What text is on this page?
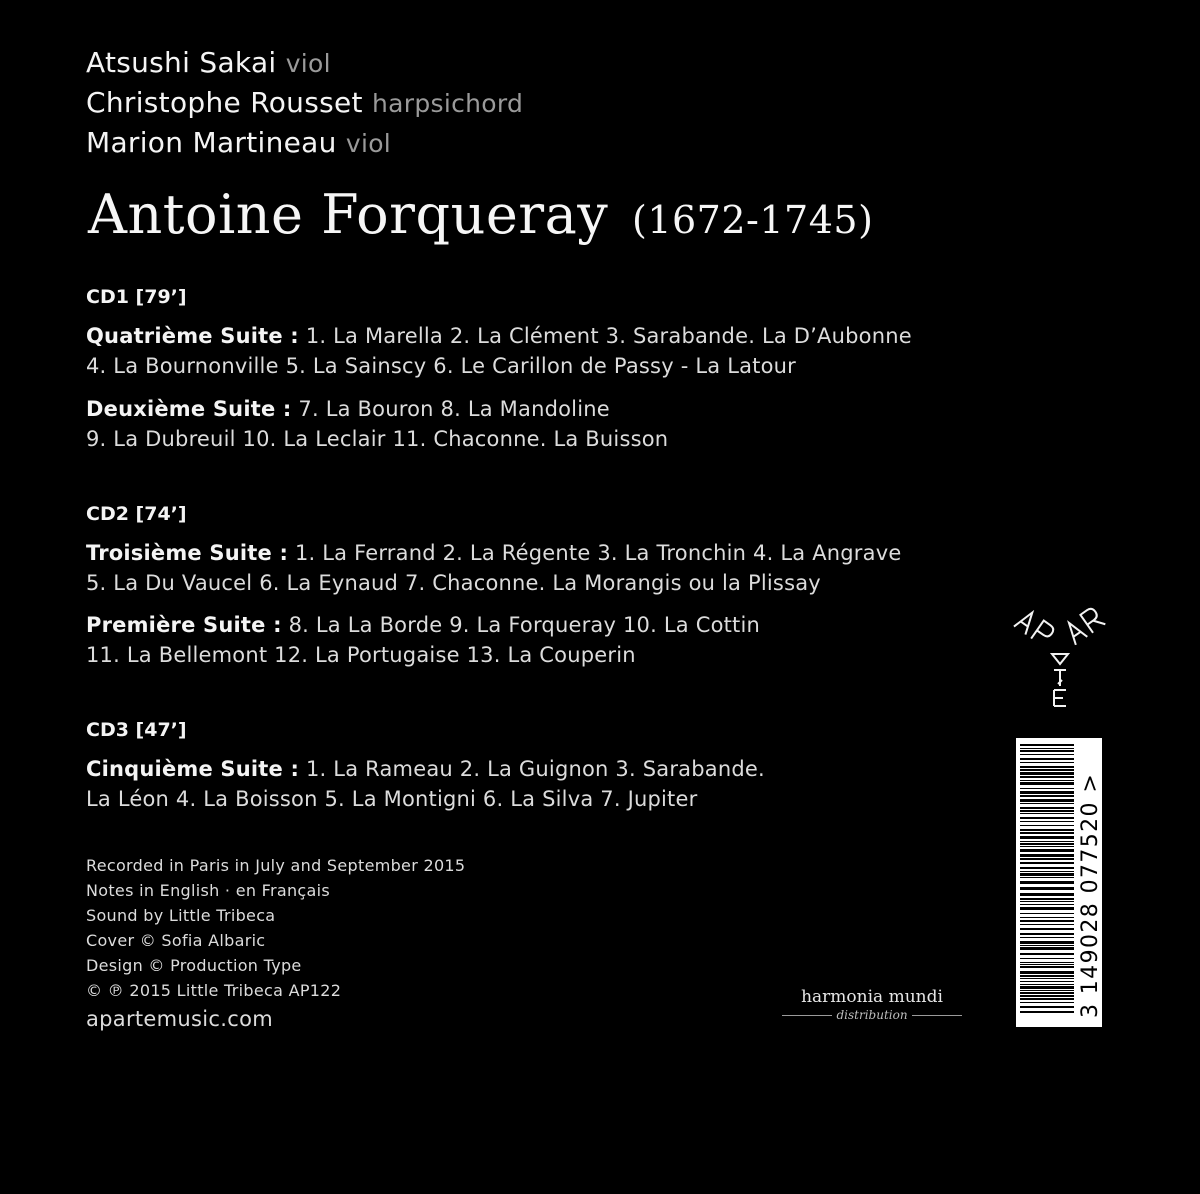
Atsushi Sakai viol
Christophe Rousset harpsichord
Marion Martineau viol
Antoine Forqueray (1672-1745)
CD1 [79’]
Quatrième Suite : 1. La Marella 2. La Clément 3. Sarabande. La D’Aubonne
4. La Bournonville 5. La Sainscy 6. Le Carillon de Passy - La Latour
Deuxième Suite : 7. La Bouron 8. La Mandoline
9. La Dubreuil 10. La Leclair 11. Chaconne. La Buisson
CD2 [74’]
Troisième Suite : 1. La Ferrand 2. La Régente 3. La Tronchin 4. La Angrave
5. La Du Vaucel 6. La Eynaud 7. Chaconne. La Morangis ou la Plissay
Première Suite : 8. La La Borde 9. La Forqueray 10. La Cottin
11. La Bellemont 12. La Portugaise 13. La Couperin
CD3 [47’]
Cinquième Suite : 1. La Rameau 2. La Guignon 3. Sarabande.
La Léon 4. La Boisson 5. La Montigni 6. La Silva 7. Jupiter
Recorded in Paris in July and September 2015
Notes in English · en Français
Sound by Little Tribeca
Cover © Sofia Albaric
Design © Production Type
© ℗ 2015 Little Tribeca AP122
apartemusic.com
3 149028 077520 >
harmonia mundi
distribution
